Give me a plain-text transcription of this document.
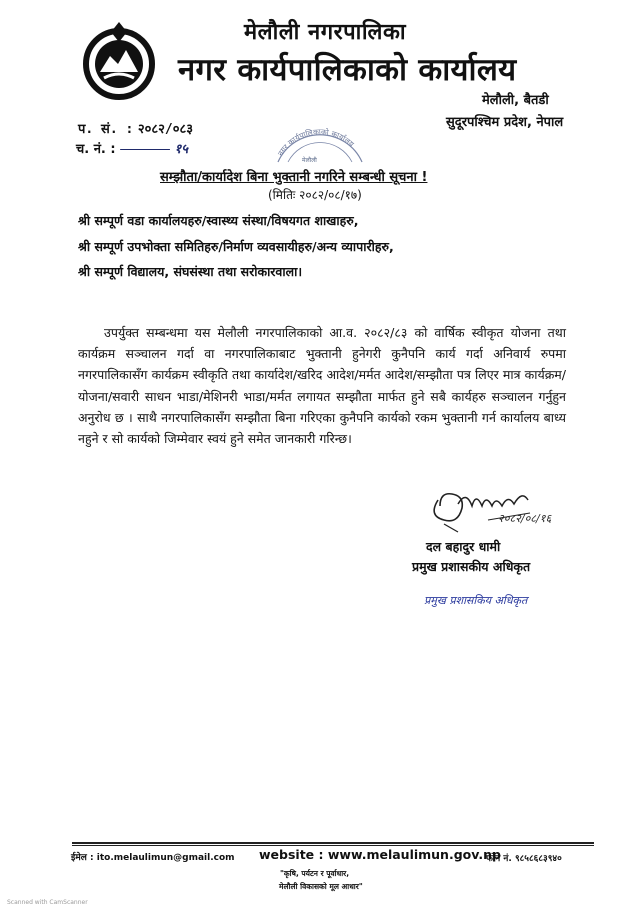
मेलौली नगरपालिका
नगर कार्यपालिकाको कार्यालय
मेलौली, बैतडी
सुदूरपश्चिम प्रदेश, नेपाल
प. सं. : २०८२/०८३
च. नं. :	१५	नगर कार्यपालिकाको कार्यालय
मेलौली
सम्झौता/कार्यादेश बिना भुक्तानी नगरिने सम्बन्धी सूचना !
(मितिः २०८२/०८/१७)
श्री सम्पूर्ण वडा कार्यालयहरु/स्वास्थ्य संस्था/विषयगत शाखाहरु,
श्री सम्पूर्ण उपभोक्ता समितिहरु/निर्माण व्यवसायीहरु/अन्य व्यापारीहरु,
श्री सम्पूर्ण विद्यालय, संघसंस्था तथा सरोकारवाला।
उपर्युक्त सम्बन्धमा यस मेलौली नगरपालिकाको आ.व. २०८२/८३ को वार्षिक स्वीकृत योजना तथा कार्यक्रम सञ्चालन गर्दा वा नगरपालिकाबाट भुक्तानी हुनेगरी कुनैपनि कार्य गर्दा अनिवार्य रुपमा नगरपालिकासँग कार्यक्रम स्वीकृति तथा कार्यादेश/खरिद आदेश/मर्मत आदेश/सम्झौता पत्र लिएर मात्र कार्यक्रम/योजना/सवारी साधन भाडा/मेशिनरी भाडा/मर्मत लगायत सम्झौता मार्फत हुने सबै कार्यहरु सञ्चालन गर्नुहुन अनुरोध छ । साथै नगरपालिकासँग सम्झौता बिना गरिएका कुनैपनि कार्यको रकम भुक्तानी गर्न कार्यालय बाध्य नहुने र सो कार्यको जिम्मेवार स्वयं हुने समेत जानकारी गरिन्छ।
२०८२/०८/१६
दल बहादुर धामी
प्रमुख प्रशासकीय अधिकृत
प्रमुख प्रशासकिय अधिकृत
ईमेल : ito.melaulimun@gmail.com website : www.melaulimun.gov.np
फोन नं. ९८५८६८३९४०
"कृषि, पर्यटन र पूर्वाधार,
मेलौली विकासको मूल आधार"
Scanned with CamScanner
